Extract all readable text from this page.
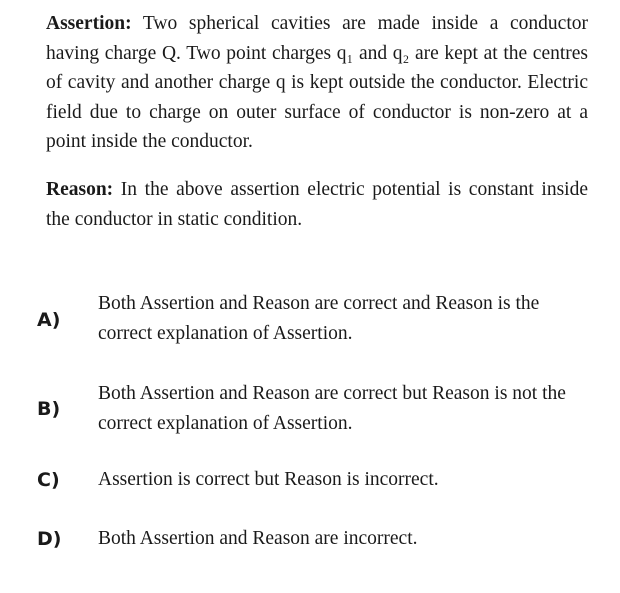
Assertion: Two spherical cavities are made inside a conductor having charge Q. Two point charges q₁ and q₂ are kept at the centres of cavity and another charge q is kept outside the conductor. Electric field due to charge on outer surface of conductor is non-zero at a point inside the conductor.
Reason: In the above assertion electric potential is constant inside the conductor in static condition.
A)
Both Assertion and Reason are correct and Reason is the correct explanation of Assertion.
B)
Both Assertion and Reason are correct but Reason is not the correct explanation of Assertion.
C) Assertion is correct but Reason is incorrect.
D) Both Assertion and Reason are incorrect.
